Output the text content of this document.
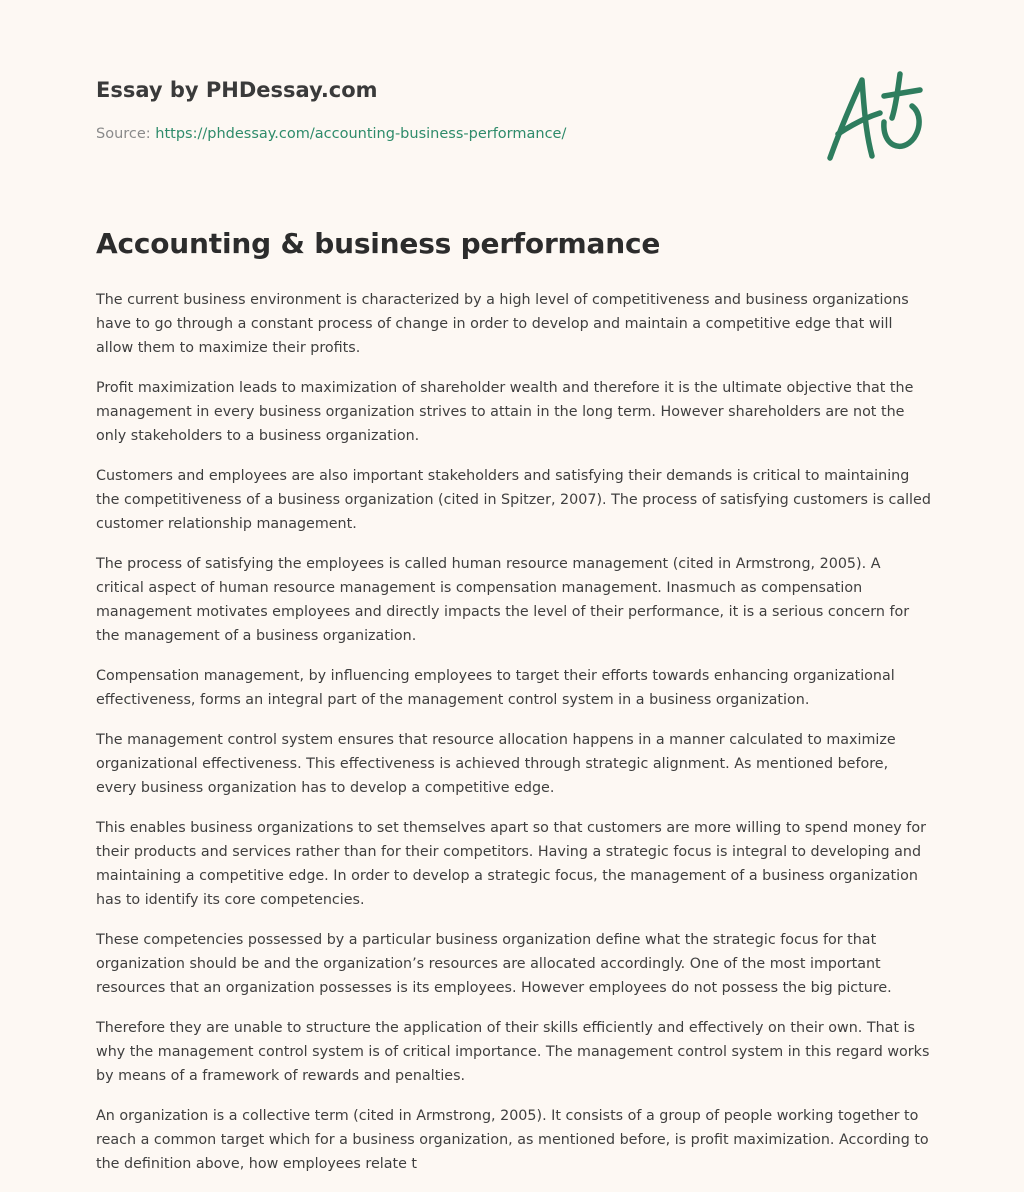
Essay by PHDessay.com
Source: https://phdessay.com/accounting-business-performance/
Accounting & business performance

The current business environment is characterized by a high level of competitiveness and business organizations have to go through a constant process of change in order to develop and maintain a competitive edge that will allow them to maximize their profits.

Profit maximization leads to maximization of shareholder wealth and therefore it is the ultimate objective that the management in every business organization strives to attain in the long term. However shareholders are not the only stakeholders to a business organization.

Customers and employees are also important stakeholders and satisfying their demands is critical to maintaining the competitiveness of a business organization (cited in Spitzer, 2007). The process of satisfying customers is called customer relationship management.

The process of satisfying the employees is called human resource management (cited in Armstrong, 2005). A critical aspect of human resource management is compensation management. Inasmuch as compensation management motivates employees and directly impacts the level of their performance, it is a serious concern for the management of a business organization.

Compensation management, by influencing employees to target their efforts towards enhancing organizational effectiveness, forms an integral part of the management control system in a business organization.

The management control system ensures that resource allocation happens in a manner calculated to maximize organizational effectiveness. This effectiveness is achieved through strategic alignment. As mentioned before, every business organization has to develop a competitive edge.

This enables business organizations to set themselves apart so that customers are more willing to spend money for their products and services rather than for their competitors. Having a strategic focus is integral to developing and maintaining a competitive edge. In order to develop a strategic focus, the management of a business organization has to identify its core competencies.

These competencies possessed by a particular business organization define what the strategic focus for that organization should be and the organization’s resources are allocated accordingly. One of the most important resources that an organization possesses is its employees. However employees do not possess the big picture.

Therefore they are unable to structure the application of their skills efficiently and effectively on their own. That is why the management control system is of critical importance. The management control system in this regard works by means of a framework of rewards and penalties.

An organization is a collective term (cited in Armstrong, 2005). It consists of a group of people working together to reach a common target which for a business organization, as mentioned before, is profit maximization. According to the definition above, how employees relate t
